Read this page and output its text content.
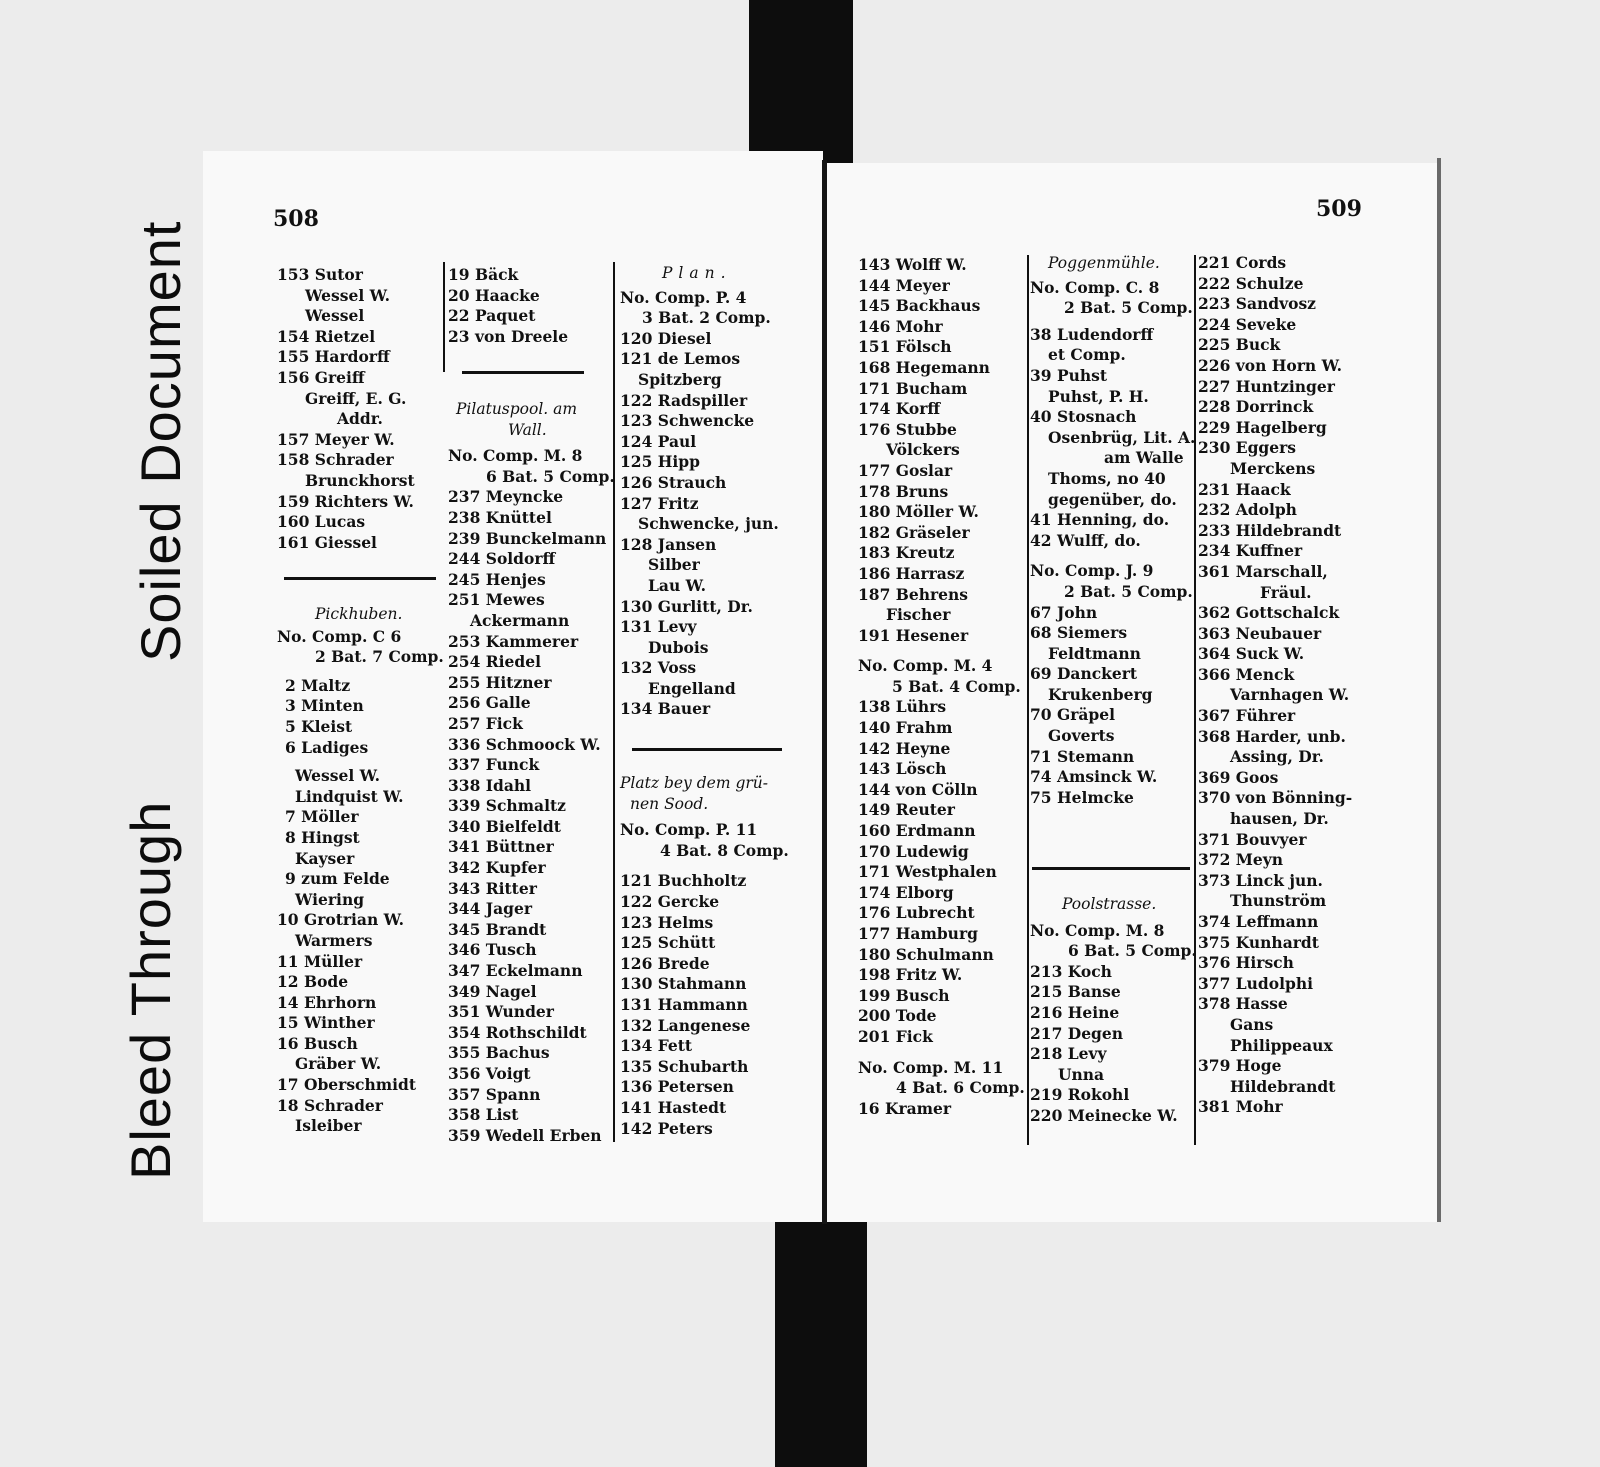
Soiled Document
Bleed Through
508	509
153 Sutor
Wessel W.
Wessel
154 Rietzel
155 Hardorff
156 Greiff
Greiff, E. G.
Addr.
157 Meyer W.
158 Schrader
Brunckhorst
159 Richters W.
160 Lucas
161 Giessel
Pickhuben.
No. Comp. C 6
2 Bat. 7 Comp.
2 Maltz
3 Minten
5 Kleist
6 Ladiges
Wessel W.
Lindquist W.
7 Möller
8 Hingst
Kayser
9 zum Felde
Wiering
10 Grotrian W.
Warmers
11 Müller
12 Bode
14 Ehrhorn
15 Winther
16 Busch
Gräber W.
17 Oberschmidt
18 Schrader
Isleiber
19 Bäck
20 Haacke
22 Paquet
23 von Dreele
Pilatuspool. am
Wall.
No. Comp. M. 8
6 Bat. 5 Comp.
237 Meyncke
238 Knüttel
239 Bunckelmann
244 Soldorff
245 Henjes
251 Mewes
Ackermann
253 Kammerer
254 Riedel
255 Hitzner
256 Galle
257 Fick
336 Schmoock W.
337 Funck
338 Idahl
339 Schmaltz
340 Bielfeldt
341 Büttner
342 Kupfer
343 Ritter
344 Jager
345 Brandt
346 Tusch
347 Eckelmann
349 Nagel
351 Wunder
354 Rothschildt
355 Bachus
356 Voigt
357 Spann
358 List
359 Wedell Erben
Plan.
No. Comp. P. 4
3 Bat. 2 Comp.
120 Diesel
121 de Lemos
Spitzberg
122 Radspiller
123 Schwencke
124 Paul
125 Hipp
126 Strauch
127 Fritz
Schwencke, jun.
128 Jansen
Silber
Lau W.
130 Gurlitt, Dr.
131 Levy
Dubois
132 Voss
Engelland
134 Bauer
Platz bey dem grü-
nen Sood.
No. Comp. P. 11
4 Bat. 8 Comp.
121 Buchholtz
122 Gercke
123 Helms
125 Schütt
126 Brede
130 Stahmann
131 Hammann
132 Langenese
134 Fett
135 Schubarth
136 Petersen
141 Hastedt
142 Peters
143 Wolff W.
144 Meyer
145 Backhaus
146 Mohr
151 Fölsch
168 Hegemann
171 Bucham
174 Korff
176 Stubbe
Völckers
177 Goslar
178 Bruns
180 Möller W.
182 Gräseler
183 Kreutz
186 Harrasz
187 Behrens
Fischer
191 Hesener
No. Comp. M. 4
5 Bat. 4 Comp.
138 Lührs
140 Frahm
142 Heyne
143 Lösch
144 von Cölln
149 Reuter
160 Erdmann
170 Ludewig
171 Westphalen
174 Elborg
176 Lubrecht
177 Hamburg
180 Schulmann
198 Fritz W.
199 Busch
200 Tode
201 Fick
No. Comp. M. 11
4 Bat. 6 Comp.
16 Kramer
Poggenmühle.
No. Comp. C. 8
2 Bat. 5 Comp.
38 Ludendorff
et Comp.
39 Puhst
Puhst, P. H.
40 Stosnach
Osenbrüg, Lit. A.
am Walle
Thoms, no 40
gegenüber, do.
41 Henning, do.
42 Wulff, do.
No. Comp. J. 9
2 Bat. 5 Comp.
67 John
68 Siemers
Feldtmann
69 Danckert
Krukenberg
70 Gräpel
Goverts
71 Stemann
74 Amsinck W.
75 Helmcke
Poolstrasse.
No. Comp. M. 8
6 Bat. 5 Comp.
213 Koch
215 Banse
216 Heine
217 Degen
218 Levy
Unna
219 Rokohl
220 Meinecke W.
221 Cords
222 Schulze
223 Sandvosz
224 Seveke
225 Buck
226 von Horn W.
227 Huntzinger
228 Dorrinck
229 Hagelberg
230 Eggers
Merckens
231 Haack
232 Adolph
233 Hildebrandt
234 Kuffner
361 Marschall,
Fräul.
362 Gottschalck
363 Neubauer
364 Suck W.
366 Menck
Varnhagen W.
367 Führer
368 Harder, unb.
Assing, Dr.
369 Goos
370 von Bönning-
hausen, Dr.
371 Bouvyer
372 Meyn
373 Linck jun.
Thunström
374 Leffmann
375 Kunhardt
376 Hirsch
377 Ludolphi
378 Hasse
Gans
Philippeaux
379 Hoge
Hildebrandt
381 Mohr
